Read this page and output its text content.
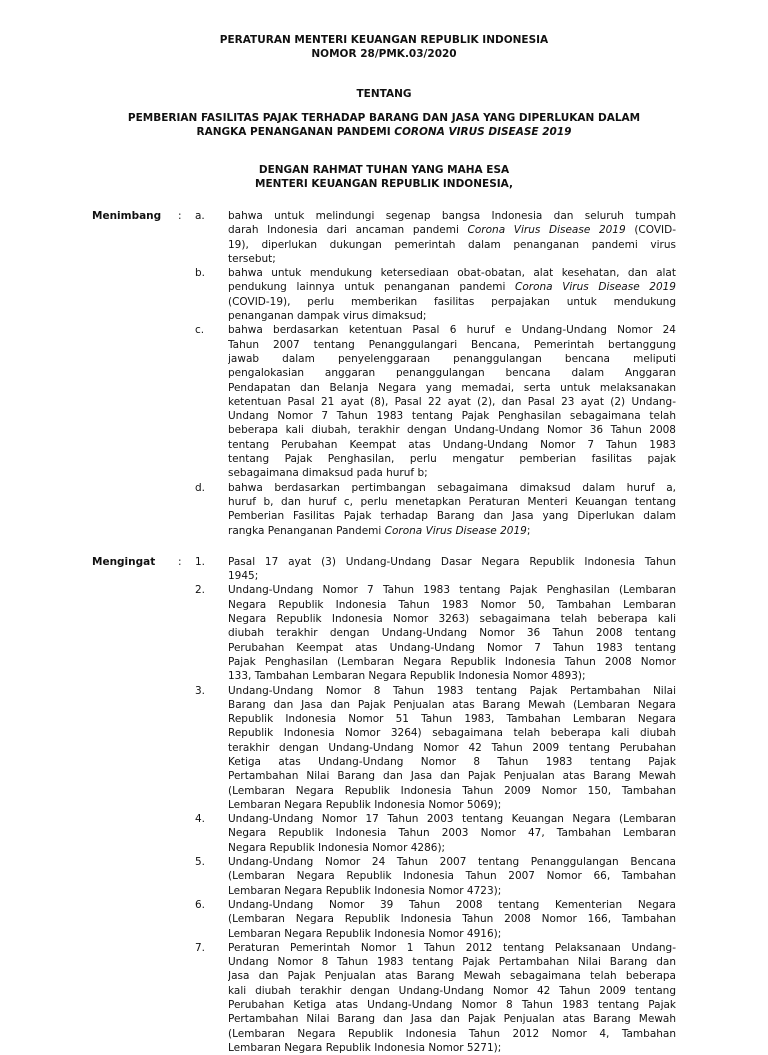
PERATURAN MENTERI KEUANGAN REPUBLIK INDONESIA
NOMOR 28/PMK.03/2020
TENTANG
PEMBERIAN FASILITAS PAJAK TERHADAP BARANG DAN JASA YANG DIPERLUKAN DALAM
RANGKA PENANGANAN PANDEMI CORONA VIRUS DISEASE 2019
DENGAN RAHMAT TUHAN YANG MAHA ESA
MENTERI KEUANGAN REPUBLIK INDONESIA,
Menimbang	:	a.	bahwa untuk melindungi segenap bangsa Indonesia dan seluruh tumpah
darah Indonesia dari ancaman pandemi Corona Virus Disease 2019 (COVID-
19), diperlukan dukungan pemerintah dalam penanganan pandemi virus
tersebut;
b.	bahwa untuk mendukung ketersediaan obat-obatan, alat kesehatan, dan alat
pendukung lainnya untuk penanganan pandemi Corona Virus Disease 2019
(COVID-19), perlu memberikan fasilitas perpajakan untuk mendukung
penanganan dampak virus dimaksud;
c.	bahwa berdasarkan ketentuan Pasal 6 huruf e Undang-Undang Nomor 24
Tahun 2007 tentang Penanggulangari Bencana, Pemerintah bertanggung
jawab dalam penyelenggaraan penanggulangan bencana meliputi
pengalokasian anggaran penanggulangan bencana dalam Anggaran
Pendapatan dan Belanja Negara yang memadai, serta untuk melaksanakan
ketentuan Pasal 21 ayat (8), Pasal 22 ayat (2), dan Pasal 23 ayat (2) Undang-
Undang Nomor 7 Tahun 1983 tentang Pajak Penghasilan sebagaimana telah
beberapa kali diubah, terakhir dengan Undang-Undang Nomor 36 Tahun 2008
tentang Perubahan Keempat atas Undang-Undang Nomor 7 Tahun 1983
tentang Pajak Penghasilan, perlu mengatur pemberian fasilitas pajak
sebagaimana dimaksud pada huruf b;
d.	bahwa berdasarkan pertimbangan sebagaimana dimaksud dalam huruf a,
huruf b, dan huruf c, perlu menetapkan Peraturan Menteri Keuangan tentang
Pemberian Fasilitas Pajak terhadap Barang dan Jasa yang Diperlukan dalam
rangka Penanganan Pandemi Corona Virus Disease 2019;
Mengingat	:	1.	Pasal 17 ayat (3) Undang-Undang Dasar Negara Republik Indonesia Tahun
1945;
2.	Undang-Undang Nomor 7 Tahun 1983 tentang Pajak Penghasilan (Lembaran
Negara Republik Indonesia Tahun 1983 Nomor 50, Tambahan Lembaran
Negara Republik Indonesia Nomor 3263) sebagaimana telah beberapa kali
diubah terakhir dengan Undang-Undang Nomor 36 Tahun 2008 tentang
Perubahan Keempat atas Undang-Undang Nomor 7 Tahun 1983 tentang
Pajak Penghasilan (Lembaran Negara Republik Indonesia Tahun 2008 Nomor
133, Tambahan Lembaran Negara Republik Indonesia Nomor 4893);
3.	Undang-Undang Nomor 8 Tahun 1983 tentang Pajak Pertambahan Nilai
Barang dan Jasa dan Pajak Penjualan atas Barang Mewah (Lembaran Negara
Republik Indonesia Nomor 51 Tahun 1983, Tambahan Lembaran Negara
Republik Indonesia Nomor 3264) sebagaimana telah beberapa kali diubah
terakhir dengan Undang-Undang Nomor 42 Tahun 2009 tentang Perubahan
Ketiga atas Undang-Undang Nomor 8 Tahun 1983 tentang Pajak
Pertambahan Nilai Barang dan Jasa dan Pajak Penjualan atas Barang Mewah
(Lembaran Negara Republik Indonesia Tahun 2009 Nomor 150, Tambahan
Lembaran Negara Republik Indonesia Nomor 5069);
4.	Undang-Undang Nomor 17 Tahun 2003 tentang Keuangan Negara (Lembaran
Negara Republik Indonesia Tahun 2003 Nomor 47, Tambahan Lembaran
Negara Republik Indonesia Nomor 4286);
5.	Undang-Undang Nomor 24 Tahun 2007 tentang Penanggulangan Bencana
(Lembaran Negara Republik Indonesia Tahun 2007 Nomor 66, Tambahan
Lembaran Negara Republik Indonesia Nomor 4723);
6.	Undang-Undang Nomor 39 Tahun 2008 tentang Kementerian Negara
(Lembaran Negara Republik Indonesia Tahun 2008 Nomor 166, Tambahan
Lembaran Negara Republik Indonesia Nomor 4916);
7.	Peraturan Pemerintah Nomor 1 Tahun 2012 tentang Pelaksanaan Undang-
Undang Nomor 8 Tahun 1983 tentang Pajak Pertambahan Nilai Barang dan
Jasa dan Pajak Penjualan atas Barang Mewah sebagaimana telah beberapa
kali diubah terakhir dengan Undang-Undang Nomor 42 Tahun 2009 tentang
Perubahan Ketiga atas Undang-Undang Nomor 8 Tahun 1983 tentang Pajak
Pertambahan Nilai Barang dan Jasa dan Pajak Penjualan atas Barang Mewah
(Lembaran Negara Republik Indonesia Tahun 2012 Nomor 4, Tambahan
Lembaran Negara Republik Indonesia Nomor 5271);
